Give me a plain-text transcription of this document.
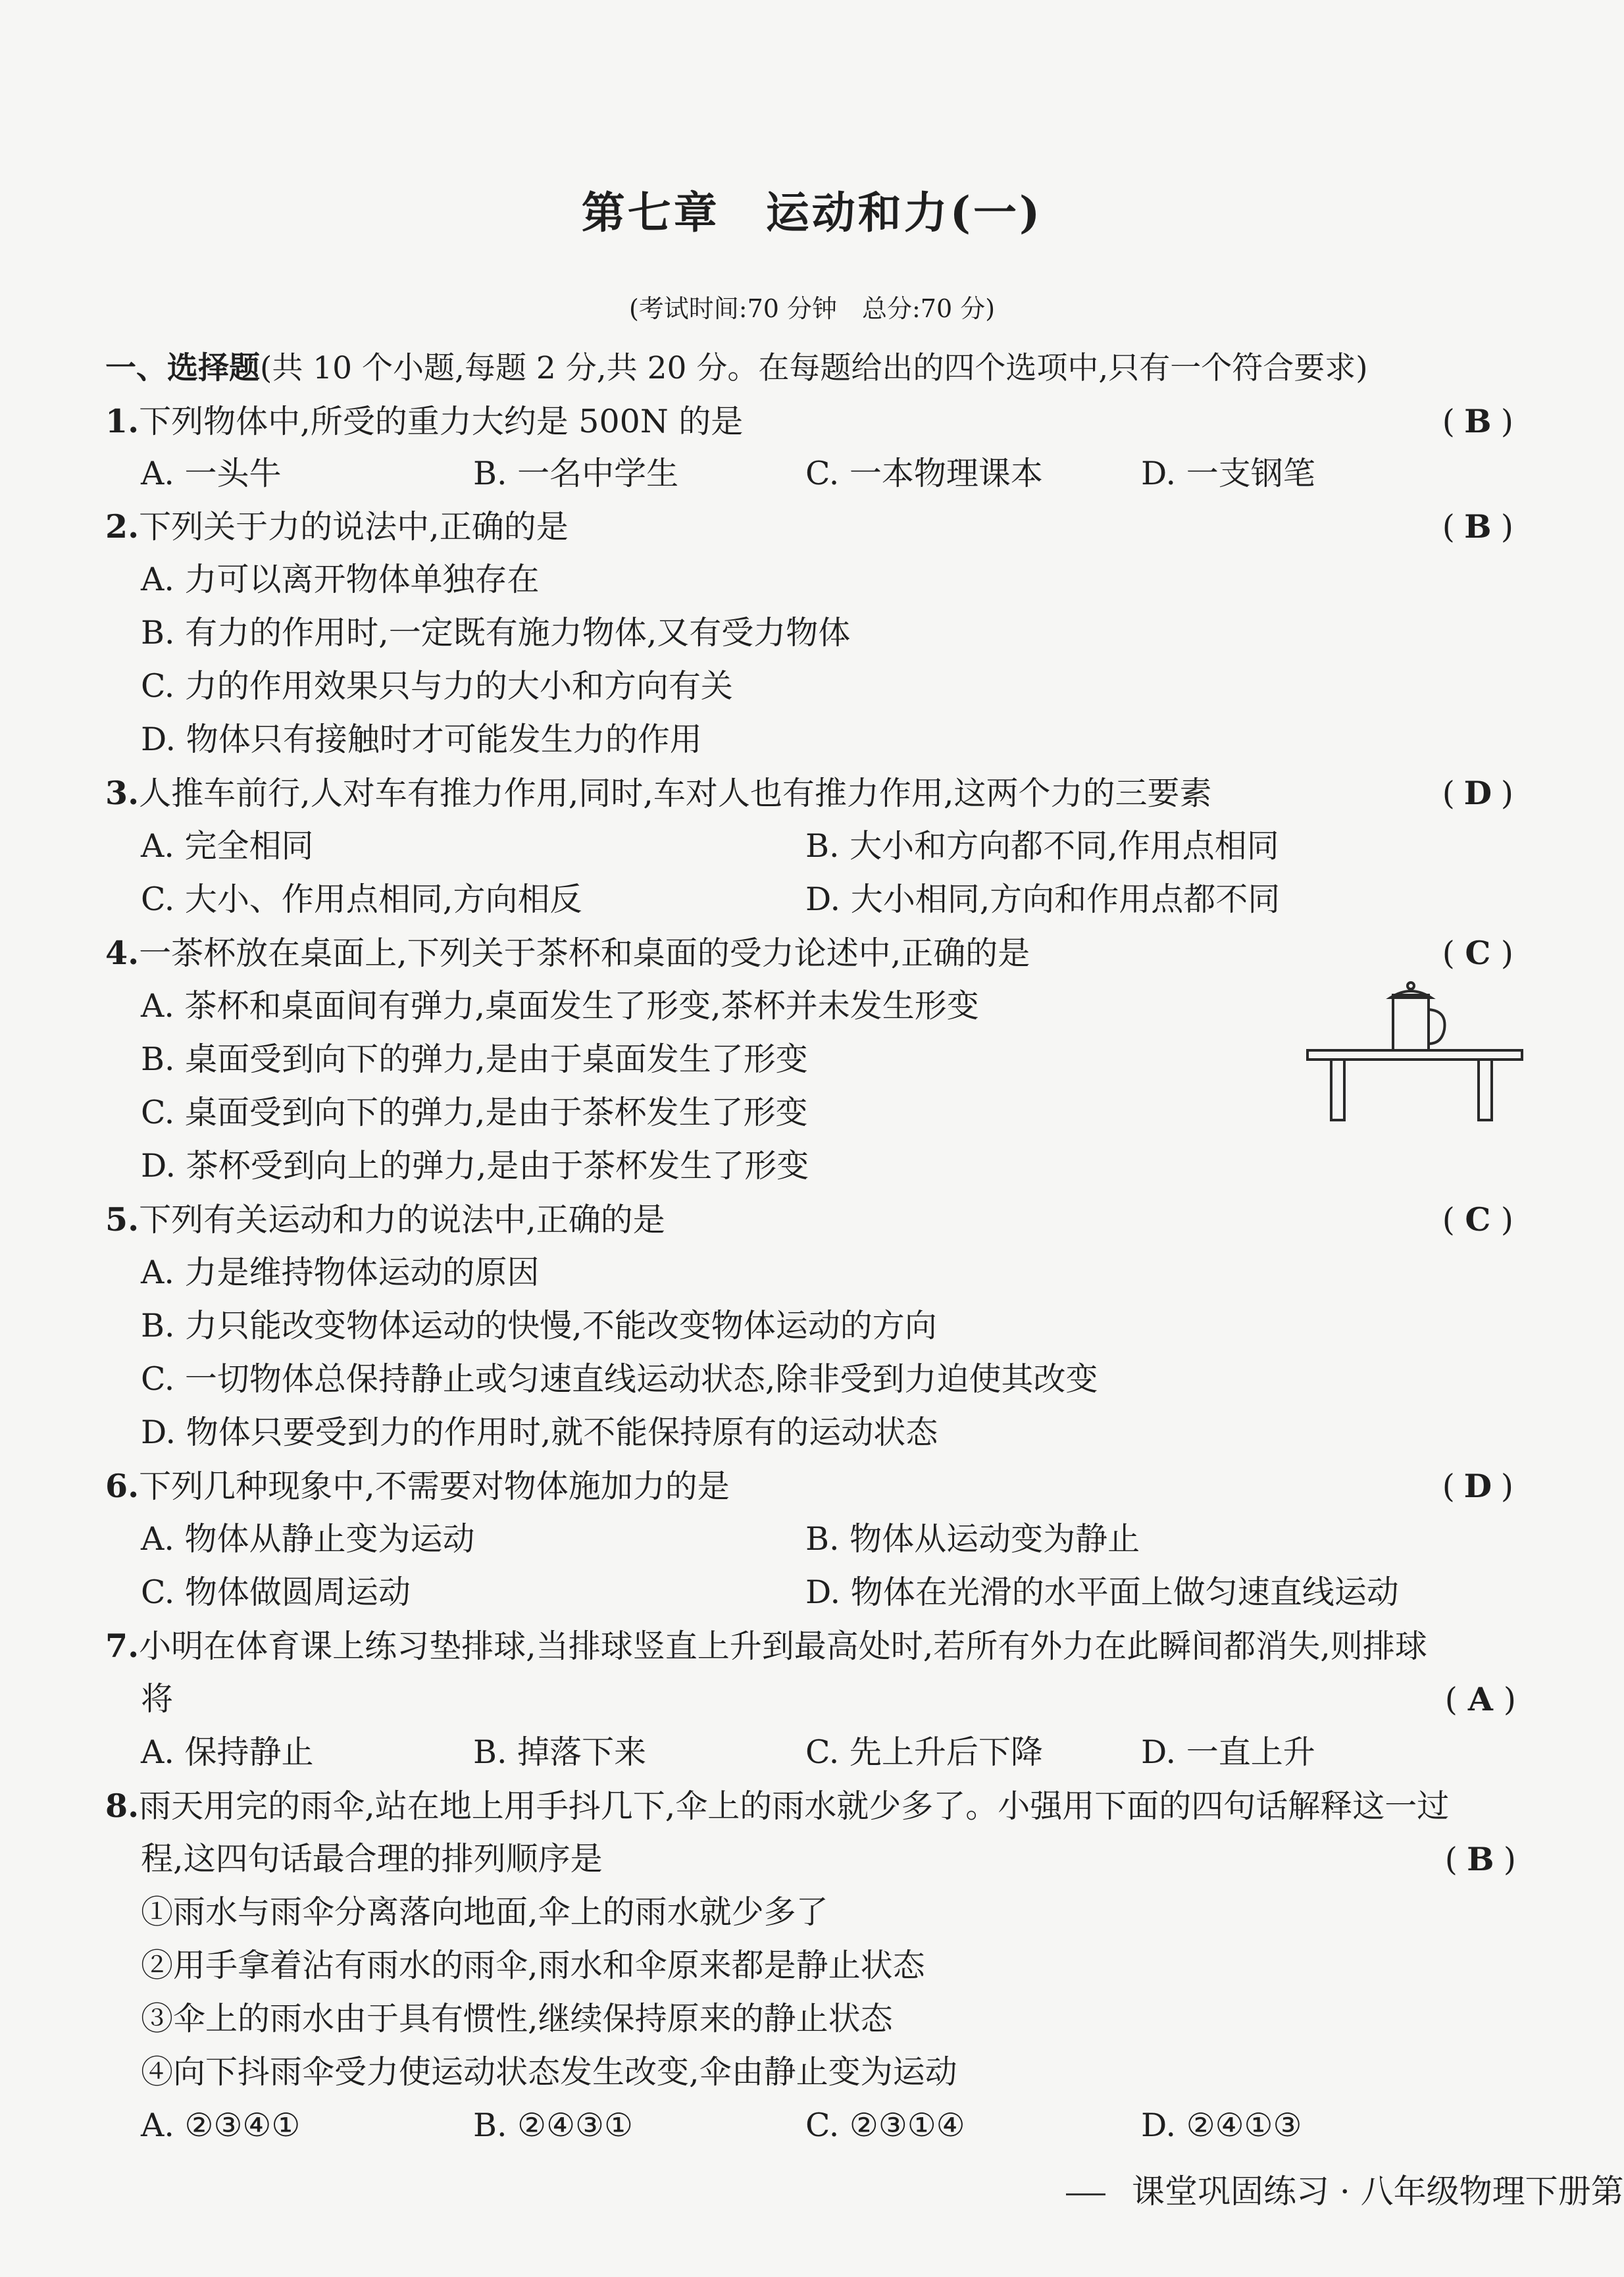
第七章 运动和力(一)
(考试时间:70 分钟　总分:70 分)
一、选择题(共 10 个小题,每题 2 分,共 20 分。在每题给出的四个选项中,只有一个符合要求)
1.下列物体中,所受的重力大约是 500N 的是	( B )
A. 一头牛	B. 一名中学生	C. 一本物理课本	D. 一支钢笔
2.下列关于力的说法中,正确的是	( B )
A. 力可以离开物体单独存在
B. 有力的作用时,一定既有施力物体,又有受力物体
C. 力的作用效果只与力的大小和方向有关
D. 物体只有接触时才可能发生力的作用
3.人推车前行,人对车有推力作用,同时,车对人也有推力作用,这两个力的三要素	( D )
A. 完全相同	B. 大小和方向都不同,作用点相同
C. 大小、作用点相同,方向相反	D. 大小相同,方向和作用点都不同
4.一茶杯放在桌面上,下列关于茶杯和桌面的受力论述中,正确的是	( C )
A. 茶杯和桌面间有弹力,桌面发生了形变,茶杯并未发生形变
B. 桌面受到向下的弹力,是由于桌面发生了形变
C. 桌面受到向下的弹力,是由于茶杯发生了形变
D. 茶杯受到向上的弹力,是由于茶杯发生了形变
5.下列有关运动和力的说法中,正确的是	( C )
A. 力是维持物体运动的原因
B. 力只能改变物体运动的快慢,不能改变物体运动的方向
C. 一切物体总保持静止或匀速直线运动状态,除非受到力迫使其改变
D. 物体只要受到力的作用时,就不能保持原有的运动状态
6.下列几种现象中,不需要对物体施加力的是	( D )
A. 物体从静止变为运动	B. 物体从运动变为静止
C. 物体做圆周运动	D. 物体在光滑的水平面上做匀速直线运动
7.小明在体育课上练习垫排球,当排球竖直上升到最高处时,若所有外力在此瞬间都消失,则排球
将	( A )
A. 保持静止	B. 掉落下来	C. 先上升后下降	D. 一直上升
8.雨天用完的雨伞,站在地上用手抖几下,伞上的雨水就少多了。小强用下面的四句话解释这一过
程,这四句话最合理的排列顺序是	( B )
①雨水与雨伞分离落向地面,伞上的雨水就少多了
②用手拿着沾有雨水的雨伞,雨水和伞原来都是静止状态
③伞上的雨水由于具有惯性,继续保持原来的静止状态
④向下抖雨伞受力使运动状态发生改变,伞由静止变为运动
A. ②③④①	B. ②④③①	C. ②③①④	D. ②④①③
课堂巩固练习 · 八年级物理下册第
